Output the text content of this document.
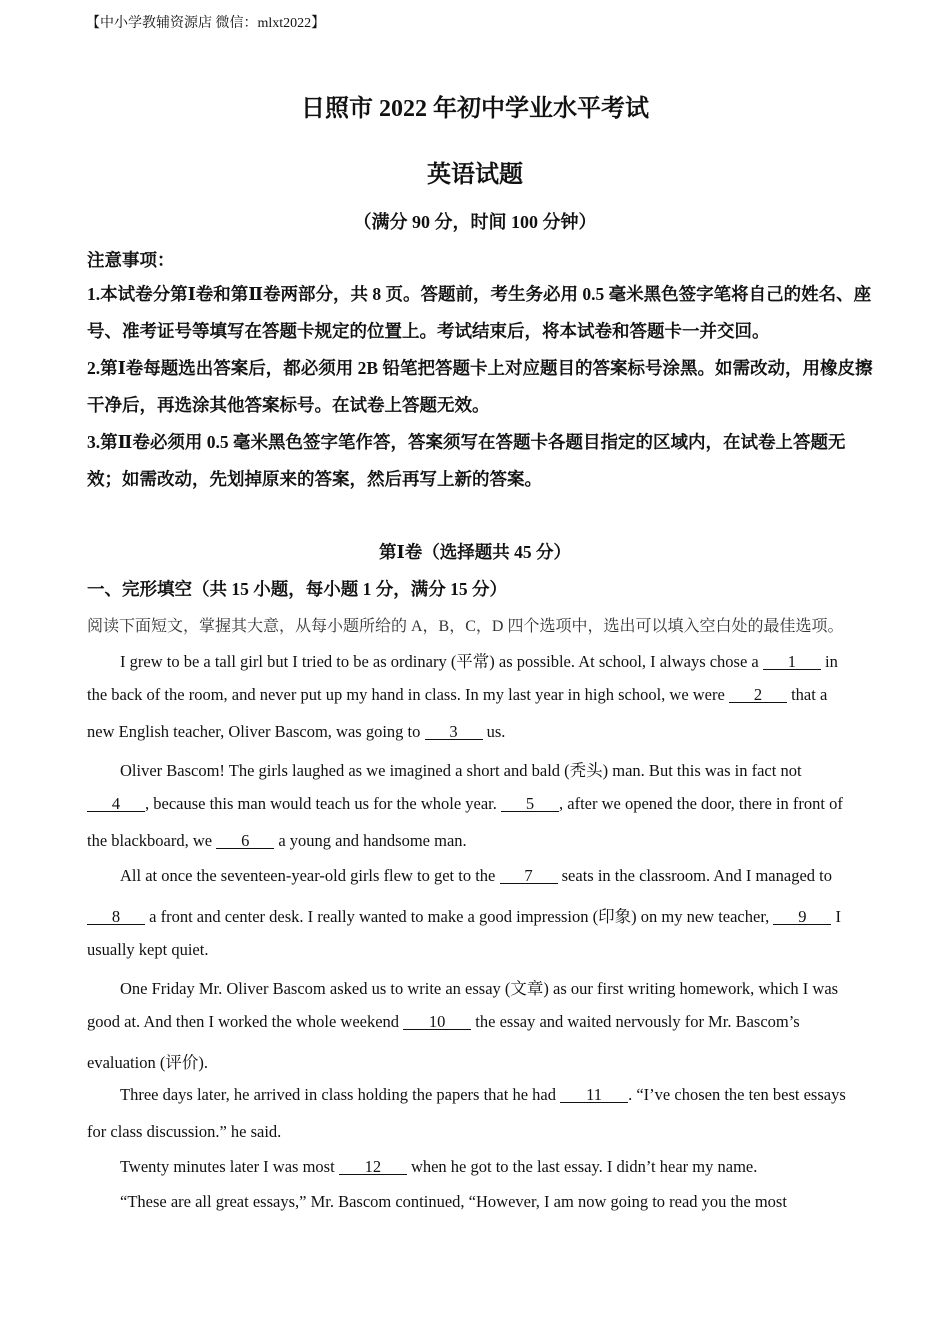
【中小学教辅资源店 微信：mlxt2022】
日照市 2022 年初中学业水平考试
英语试题
（满分 90 分，时间 100 分钟）
注意事项：

1.本试卷分第Ⅰ卷和第Ⅱ卷两部分，共 8 页。答题前，考生务必用 0.5 毫米黑色签字笔将自己的姓名、座号、准考证号等填写在答题卡规定的位置上。考试结束后，将本试卷和答题卡一并交回。

2.第Ⅰ卷每题选出答案后，都必须用 2B 铅笔把答题卡上对应题目的答案标号涂黑。如需改动，用橡皮擦干净后，再选涂其他答案标号。在试卷上答题无效。

3.第Ⅱ卷必须用 0.5 毫米黑色签字笔作答，答案须写在答题卡各题目指定的区域内，在试卷上答题无效；如需改动，先划掉原来的答案，然后再写上新的答案。

第Ⅰ卷（选择题共 45 分）
一、完形填空（共 15 小题，每小题 1 分，满分 15 分）
阅读下面短文，掌握其大意，从每小题所给的 A，B，C，D 四个选项中，选出可以填入空白处的最佳选项。
I grew to be a tall girl but I tried to be as ordinary (平常) as possible. At school, I always chose a 1 in
the back of the room, and never put up my hand in class. In my last year in high school, we were 2 that a
new English teacher, Oliver Bascom, was going to 3 us.
Oliver Bascom! The girls laughed as we imagined a short and bald (秃头) man. But this was in fact not
4 , because this man would teach us for the whole year. 5 , after we opened the door, there in front of
the blackboard, we 6 a young and handsome man.
All at once the seventeen-year-old girls flew to get to the 7 seats in the classroom. And I managed to
8 a front and center desk. I really wanted to make a good impression (印象) on my new teacher, 9 I
usually kept quiet.
One Friday Mr. Oliver Bascom asked us to write an essay (文章) as our first writing homework, which I was
good at. And then I worked the whole weekend 10 the essay and waited nervously for Mr. Bascom’s
evaluation (评价).
Three days later, he arrived in class holding the papers that he had 11 . “I’ve chosen the ten best essays
for class discussion.” he said.
Twenty minutes later I was most 12 when he got to the last essay. I didn’t hear my name.
“These are all great essays,” Mr. Bascom continued, “However, I am now going to read you the most
